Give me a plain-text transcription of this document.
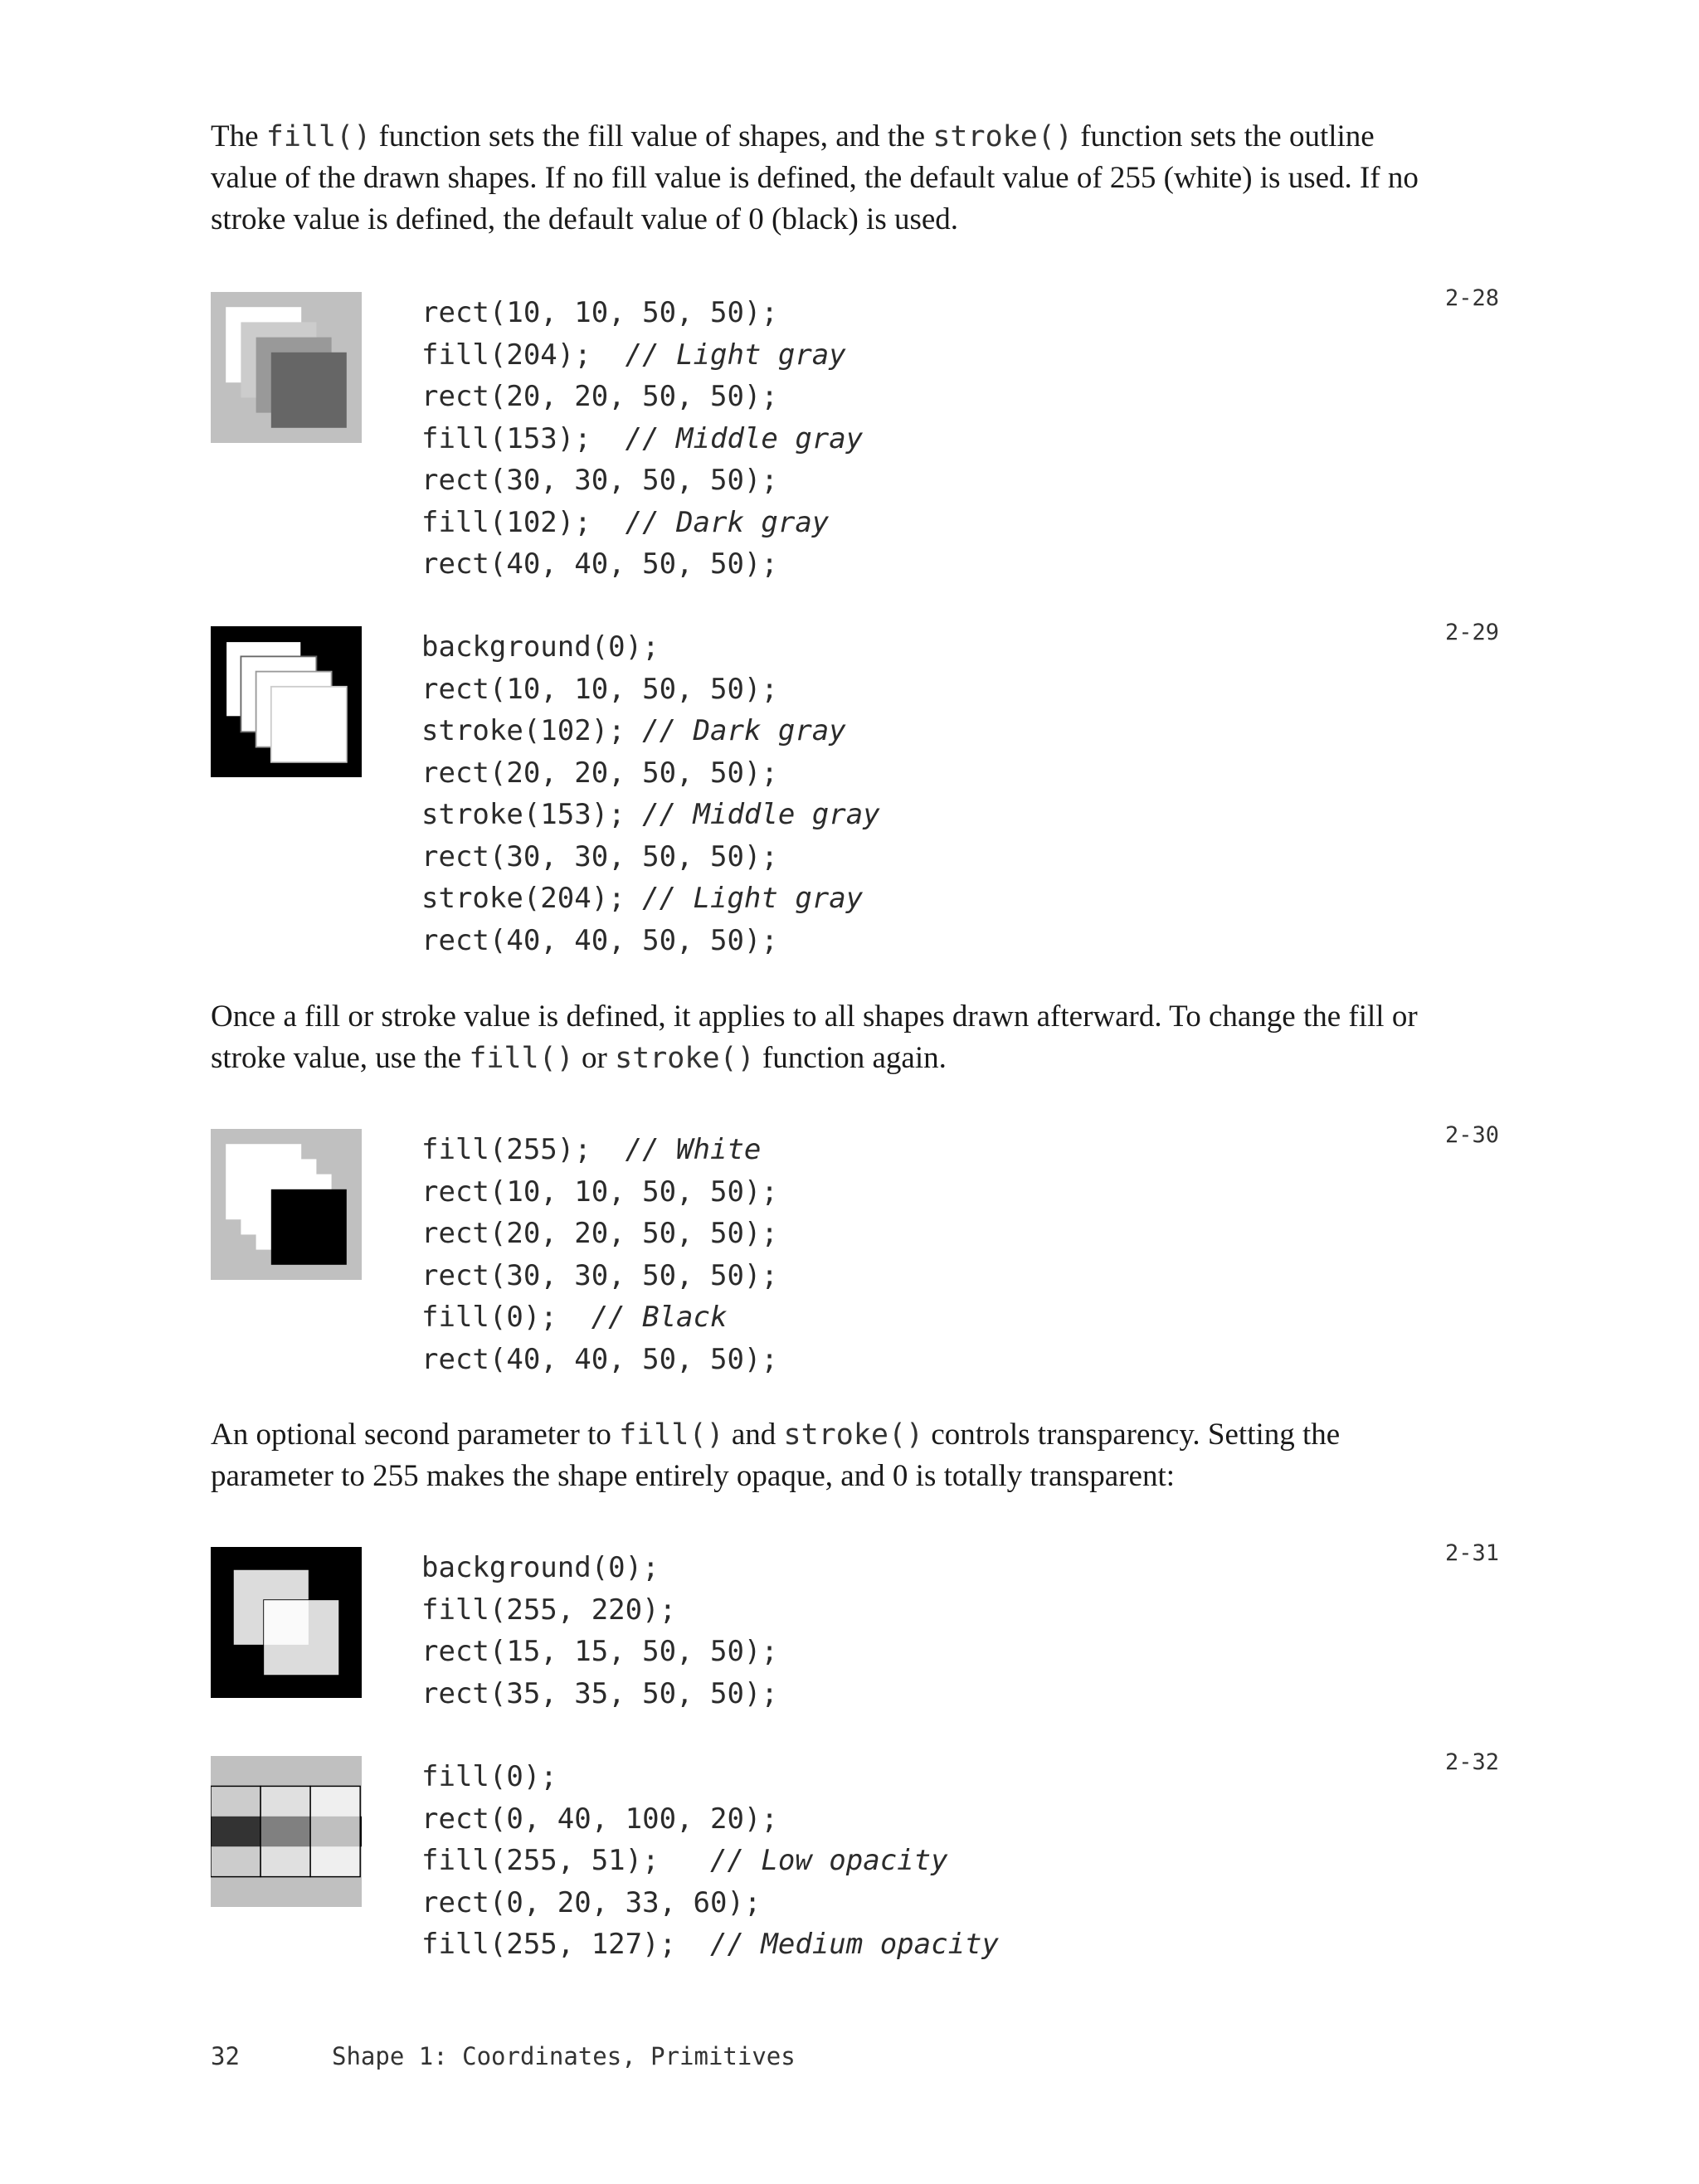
The fill() function sets the fill value of shapes, and the stroke() function sets the outline value of the drawn shapes. If no fill value is defined, the default value of 255 (white) is used. If no stroke value is defined, the default value of 0 (black) is used.

rect(10, 10, 50, 50);
fill(204);  // Light gray
rect(20, 20, 50, 50);
fill(153);  // Middle gray
rect(30, 30, 50, 50);
fill(102);  // Dark gray
rect(40, 40, 50, 50);
2-28
background(0);
rect(10, 10, 50, 50);
stroke(102); // Dark gray
rect(20, 20, 50, 50);
stroke(153); // Middle gray
rect(30, 30, 50, 50);
stroke(204); // Light gray
rect(40, 40, 50, 50);
2-29

Once a fill or stroke value is defined, it applies to all shapes drawn afterward. To change the fill or stroke value, use the fill() or stroke() function again.

fill(255);  // White
rect(10, 10, 50, 50);
rect(20, 20, 50, 50);
rect(30, 30, 50, 50);
fill(0);  // Black
rect(40, 40, 50, 50);
2-30

An optional second parameter to fill() and stroke() controls transparency. Setting the parameter to 255 makes the shape entirely opaque, and 0 is totally transparent:

background(0);
fill(255, 220);
rect(15, 15, 50, 50);
rect(35, 35, 50, 50);
2-31
fill(0);
rect(0, 40, 100, 20);
fill(255, 51);   // Low opacity
rect(0, 20, 33, 60);
fill(255, 127);  // Medium opacity
2-32
32	Shape 1: Coordinates, Primitives
